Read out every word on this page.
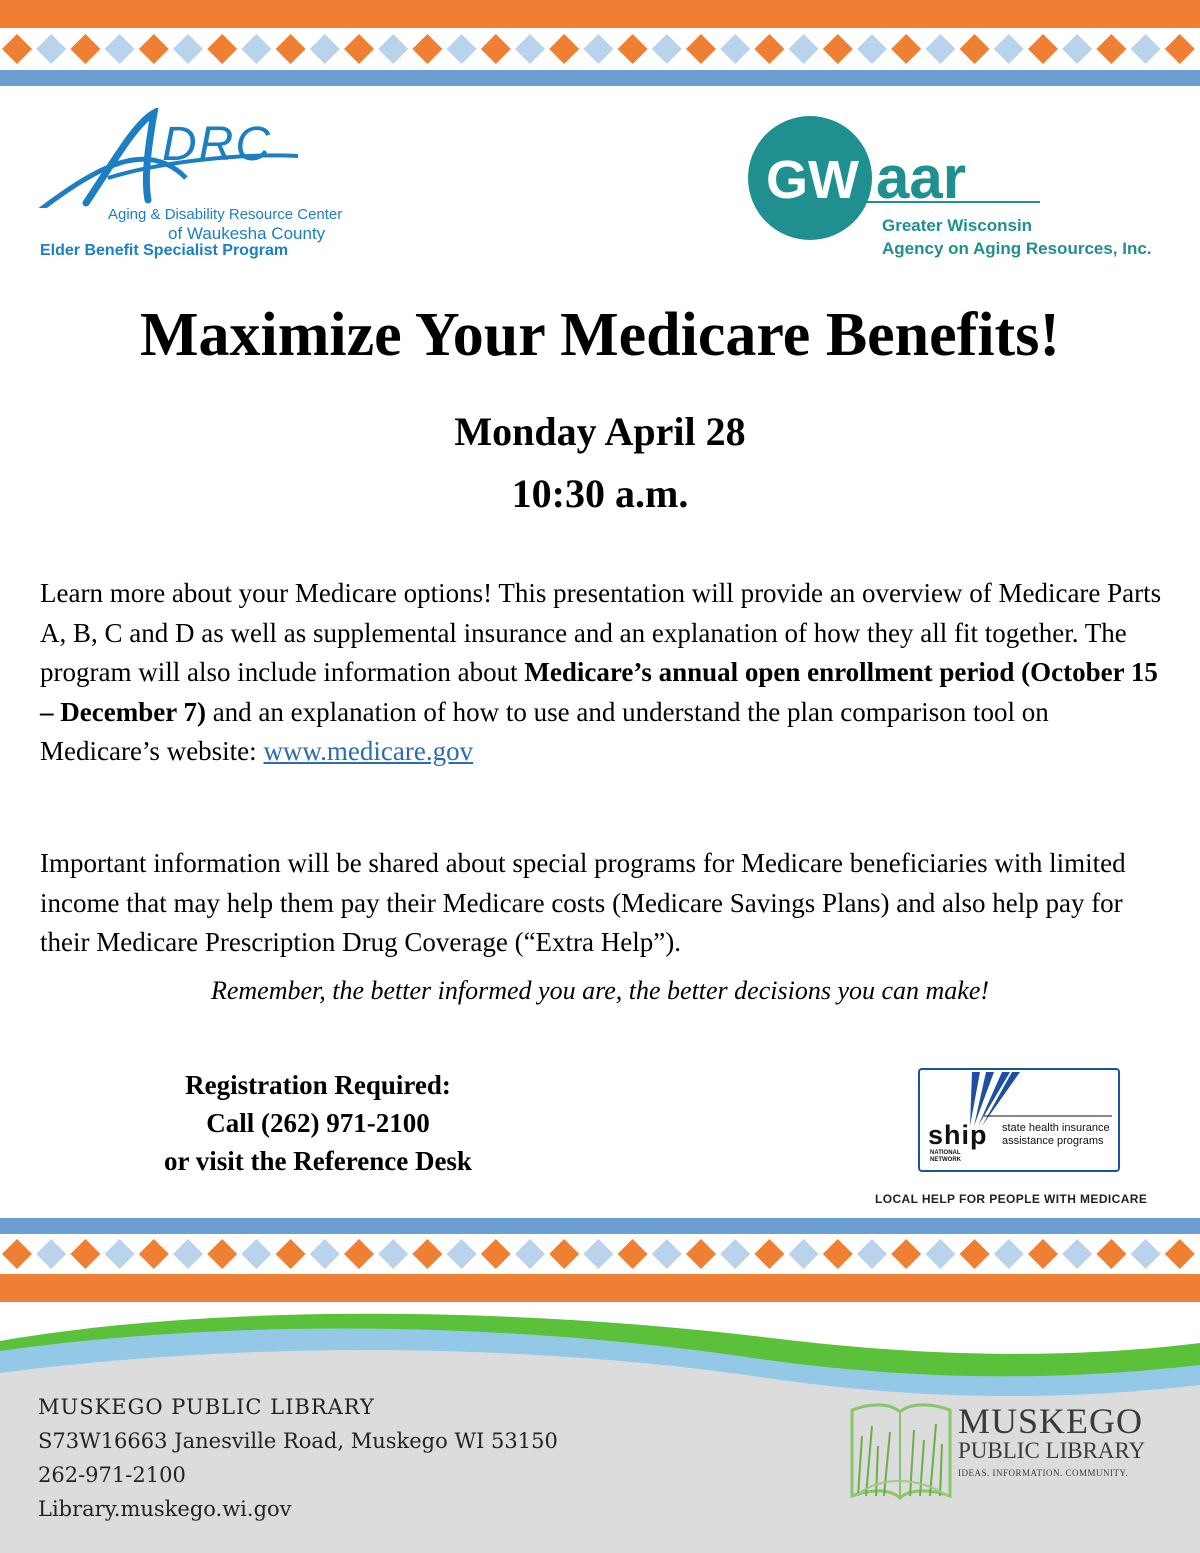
DRC
Aging & Disability Resource Center
of Waukesha County
Elder Benefit Specialist Program
GW aar
Greater Wisconsin
Agency on Aging Resources, Inc.
Maximize Your Medicare Benefits!
Monday April 28
10:30 a.m.

Learn more about your Medicare options! This presentation will provide an overview of Medicare Parts A, B, C and D as well as supplemental insurance and an explanation of how they all fit together. The program will also include information about Medicare’s annual open enrollment period (October 15 – December 7) and an explanation of how to use and understand the plan comparison tool on Medicare’s website: www.medicare.gov

Important information will be shared about special programs for Medicare beneficiaries with limited income that may help them pay their Medicare costs (Medicare Savings Plans) and also help pay for their Medicare Prescription Drug Coverage (“Extra Help”).

Remember, the better informed you are, the better decisions you can make!
Registration Required:
Call (262) 971-2100
or visit the Reference Desk
ship state health insurance
assistance programs
NATIONAL
NETWORK
LOCAL HELP FOR PEOPLE WITH MEDICARE
MUSKEGO PUBLIC LIBRARY
S73W16663 Janesville Road, Muskego WI 53150
262-971-2100
Library.muskego.wi.gov
MUSKEGO
PUBLIC LIBRARY
IDEAS. INFORMATION. COMMUNITY.
